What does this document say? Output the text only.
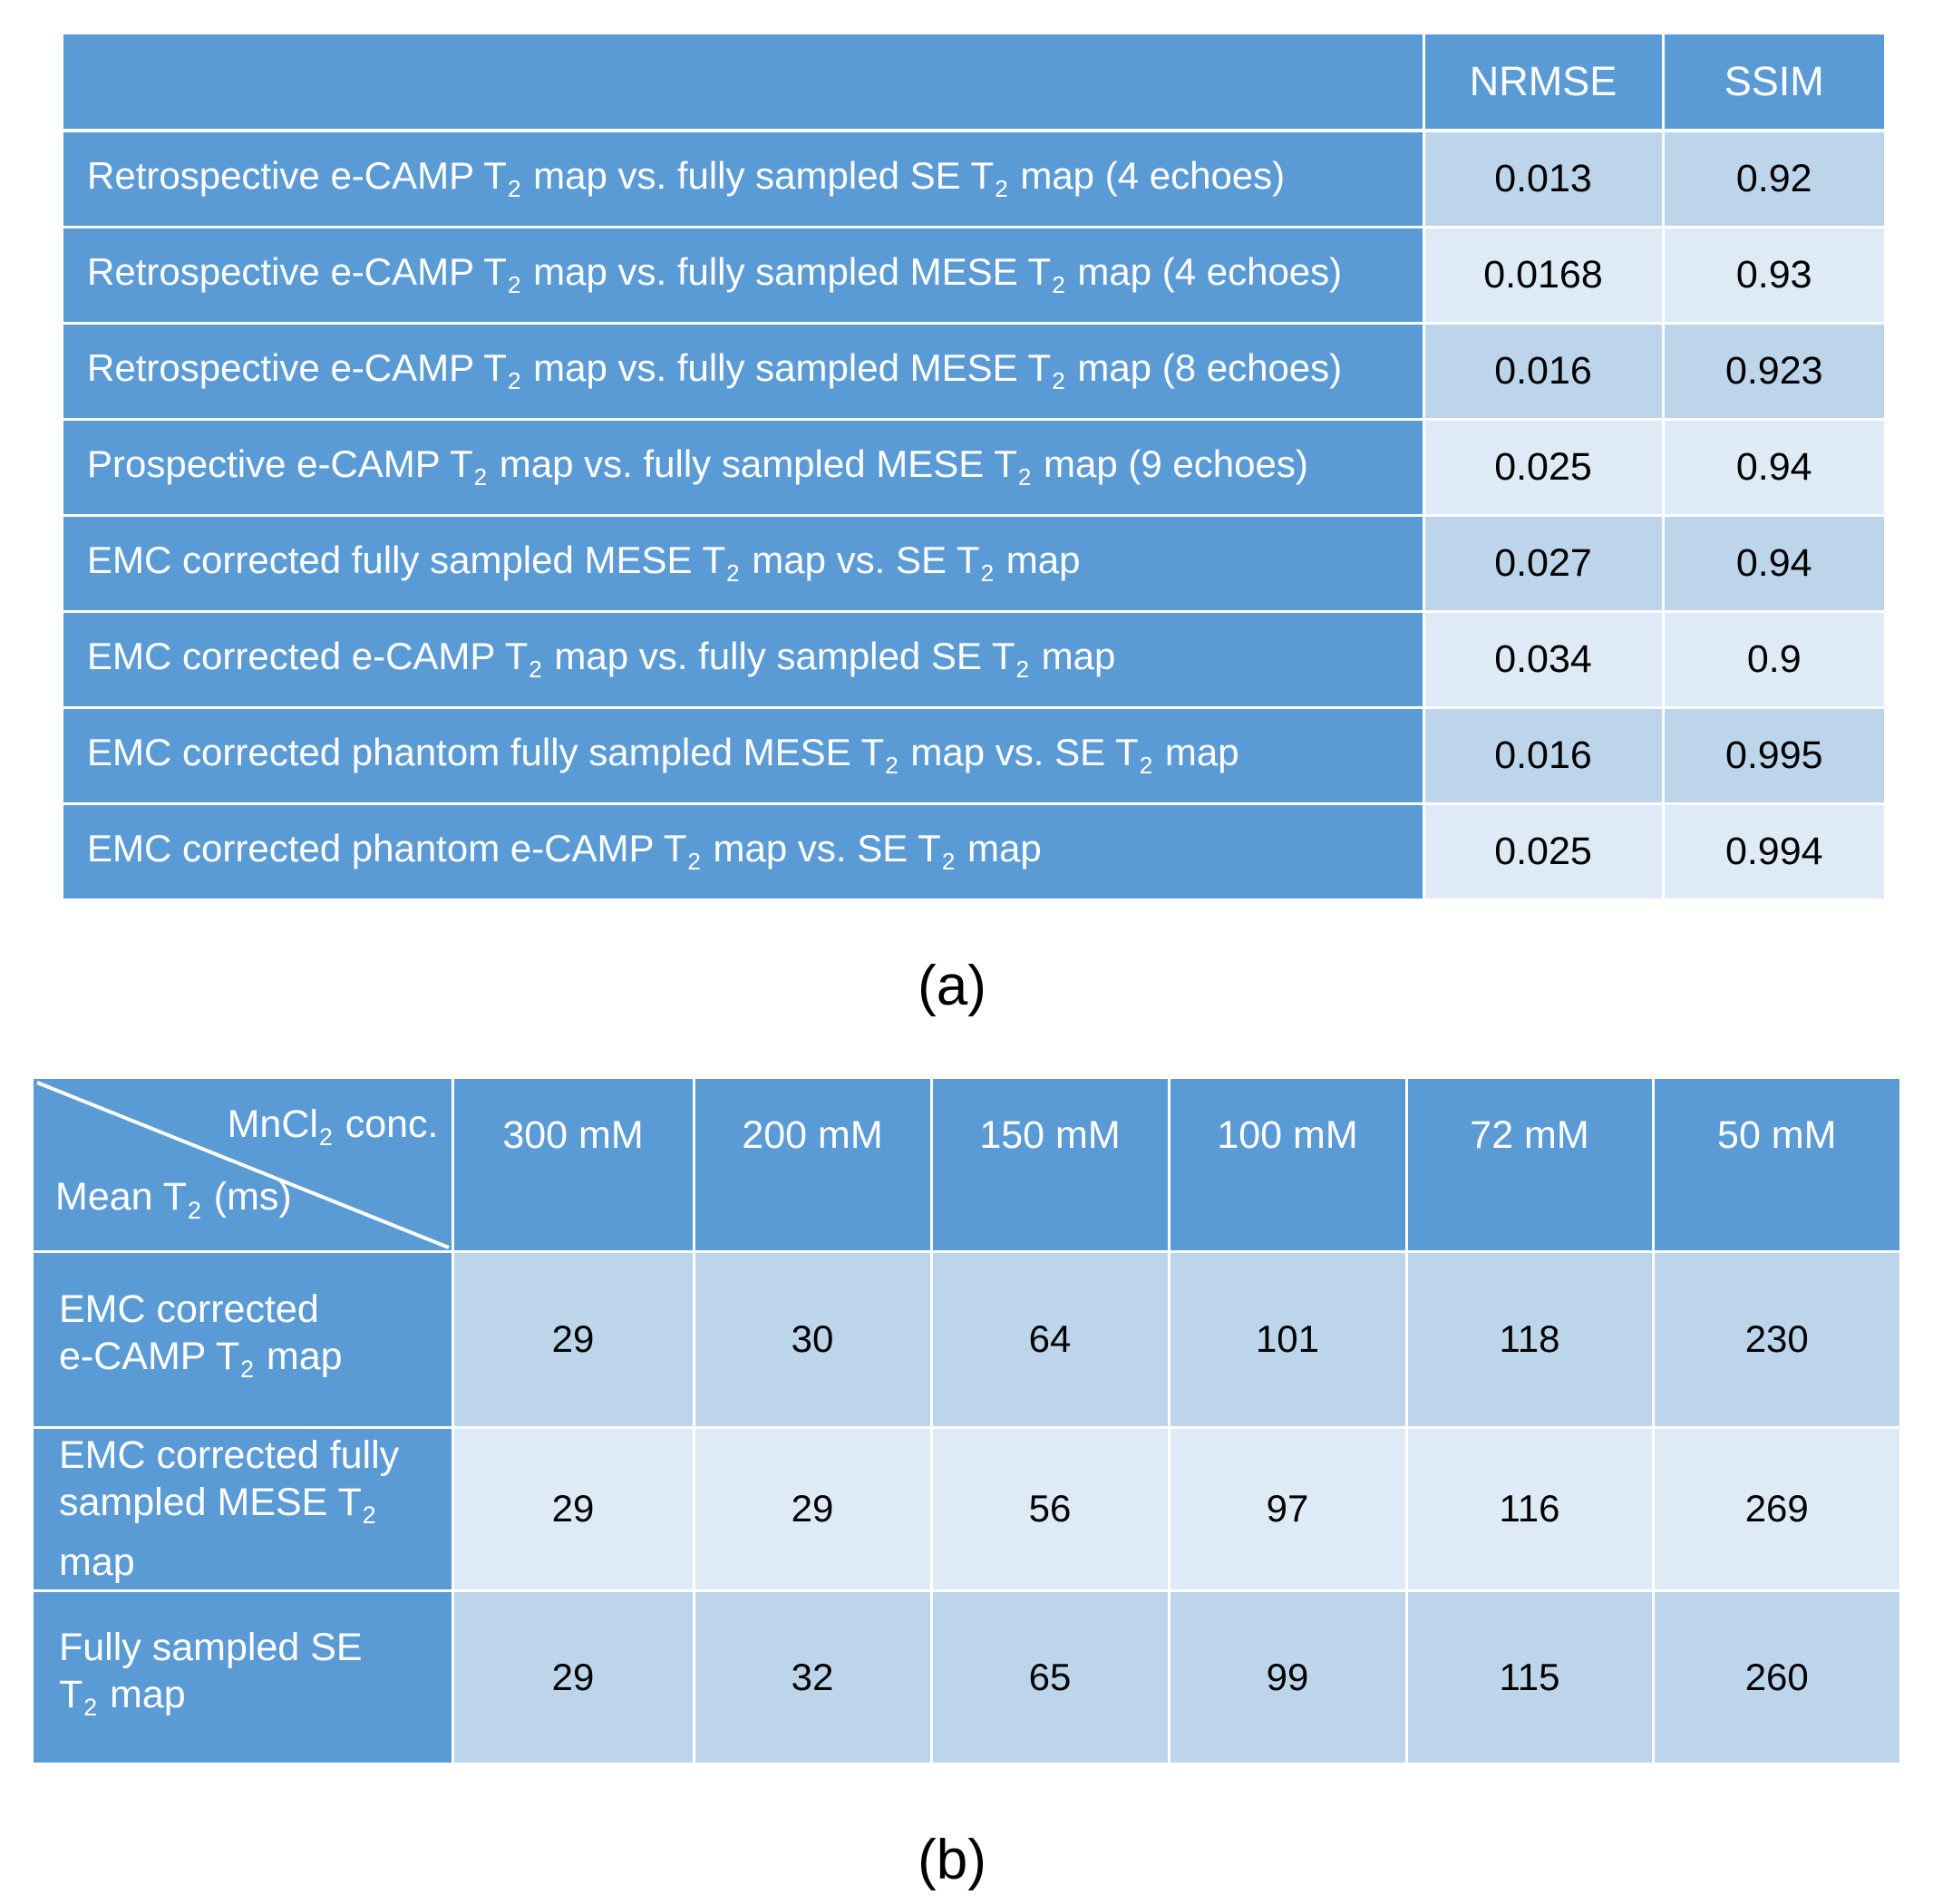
	NRMSE	SSIM
Retrospective e-CAMP $T_2$ map vs. fully sampled SE $T_2$ map (4 echoes)	0.013	0.92
Retrospective e-CAMP $T_2$ map vs. fully sampled MESE $T_2$ map (4 echoes)	0.0168	0.93
Retrospective e-CAMP $T_2$ map vs. fully sampled MESE $T_2$ map (8 echoes)	0.016	0.923
Prospective e-CAMP $T_2$ map vs. fully sampled MESE $T_2$ map (9 echoes)	0.025	0.94
EMC corrected fully sampled MESE $T_2$ map vs. SE $T_2$ map	0.027	0.94
EMC corrected e-CAMP $T_2$ map vs. fully sampled SE $T_2$ map	0.034	0.9
EMC corrected phantom fully sampled MESE $T_2$ map vs. SE $T_2$ map	0.016	0.995
EMC corrected phantom e-CAMP $T_2$ map vs. SE $T_2$ map	0.025	0.994
(a)
MnCl$_2$ conc.
Mean $T_2$ (ms)	300 mM	200 mM	150 mM	100 mM	72 mM	50 mM
EMC corrected
e-CAMP $T_2$ map	29	30	64	101	118	230
EMC corrected fully
sampled MESE $T_2$ map	29	29	56	97	116	269
Fully sampled SE
$T_2$ map	29	32	65	99	115	260
(b)
